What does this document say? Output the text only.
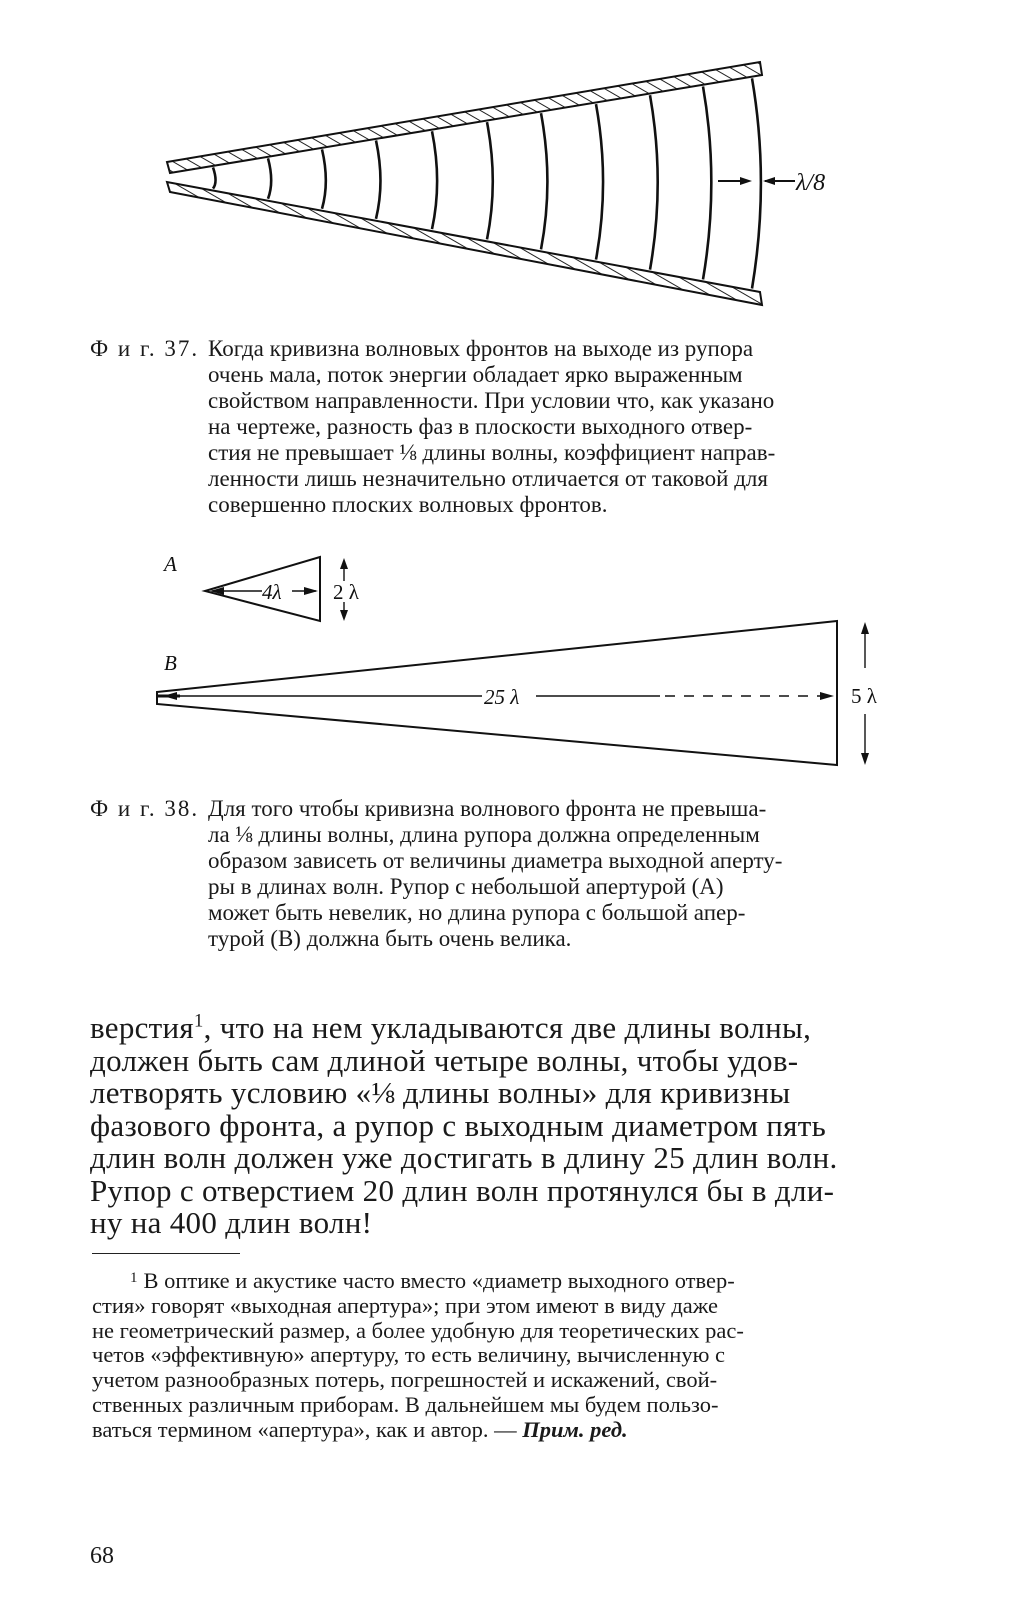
λ/8
Ф и г. 37. Когда кривизна волновых фронтов на выходе из рупора
очень мала, поток энергии обладает ярко выраженным
свойством направленности. При условии что, как указано
на чертеже, разность фаз в плоскости выходного отвер-
стия не превышает ⅛ длины волны, коэффициент направ-
ленности лишь незначительно отличается от таковой для
совершенно плоских волновых фронтов.
A
4λ 2 λ
B
25 λ	5 λ
Ф и г. 38. Для того чтобы кривизна волнового фронта не превыша-
ла ⅛ длины волны, длина рупора должна определенным
образом зависеть от величины диаметра выходной аперту-
ры в длинах волн. Рупор с небольшой апертурой (A)
может быть невелик, но длина рупора с большой апер-
турой (B) должна быть очень велика.
верстия$^1$, что на нем укладываются две длины волны,
должен быть сам длиной четыре волны, чтобы удов-
летворять условию «⅛ длины волны» для кривизны
фазового фронта, а рупор с выходным диаметром пять
длин волн должен уже достигать в длину 25 длин волн.
Рупор с отверстием 20 длин волн протянулся бы в дли-
ну на 400 длин волн!
$^1$ В оптике и акустике часто вместо «диаметр выходного отвер-
стия» говорят «выходная апертура»; при этом имеют в виду даже
не геометрический размер, а более удобную для теоретических рас-
четов «эффективную» апертуру, то есть величину, вычисленную с
учетом разнообразных потерь, погрешностей и искажений, свой-
ственных различным приборам. В дальнейшем мы будем пользо-
ваться термином «апертура», как и автор. — Прим. ред.
68
